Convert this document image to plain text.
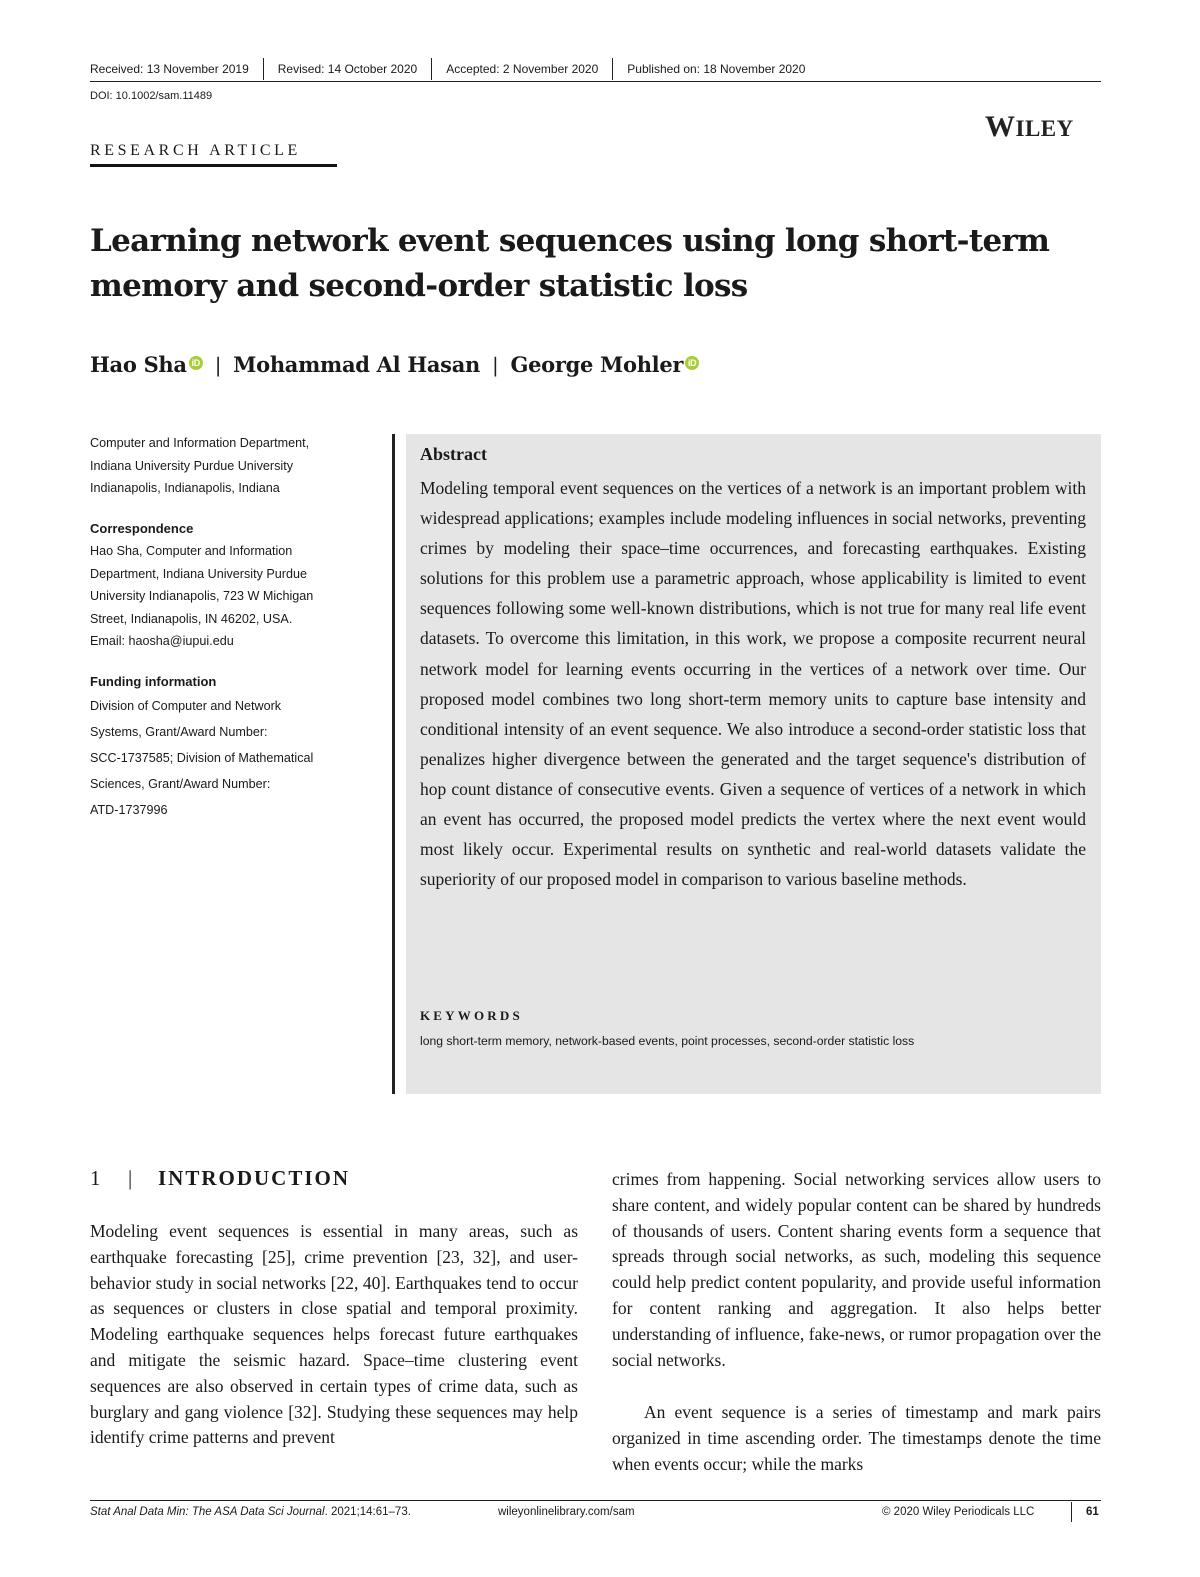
Received: 13 November 2019	Revised: 14 October 2020	Accepted: 2 November 2020	Published on: 18 November 2020
DOI: 10.1002/sam.11489
WILEY
RESEARCH ARTICLE
Learning network event sequences using long short-term memory and second-order statistic loss
Hao Sha iD | Mohammad Al Hasan | George Mohler iD

Computer and Information Department,

Indiana University Purdue University

Indianapolis, Indianapolis, Indiana

Correspondence

Hao Sha, Computer and Information

Department, Indiana University Purdue

University Indianapolis, 723 W Michigan

Street, Indianapolis, IN 46202, USA.

Email: haosha@iupui.edu

Funding information

Division of Computer and Network

Systems, Grant/Award Number:

SCC-1737585; Division of Mathematical

Sciences, Grant/Award Number:

ATD-1737996

Abstract

Modeling temporal event sequences on the vertices of a network is an important problem with widespread applications; examples include modeling influences in social networks, preventing crimes by modeling their space–time occurrences, and forecasting earthquakes. Existing solutions for this problem use a parametric approach, whose applicability is limited to event sequences following some well-known distributions, which is not true for many real life event datasets. To overcome this limitation, in this work, we propose a composite recurrent neural network model for learning events occurring in the vertices of a network over time. Our proposed model combines two long short-term memory units to capture base intensity and conditional intensity of an event sequence. We also introduce a second-order statistic loss that penalizes higher divergence between the generated and the target sequence's distribution of hop count distance of consecutive events. Given a sequence of vertices of a network in which an event has occurred, the proposed model predicts the vertex where the next event would most likely occur. Experimental results on synthetic and real-world datasets validate the superiority of our proposed model in comparison to various baseline methods.

KEYWORDS
long short-term memory, network-based events, point processes, second-order statistic loss
1	|	INTRODUCTION

Modeling event sequences is essential in many areas, such as earthquake forecasting [25], crime prevention [23, 32], and user-behavior study in social networks [22, 40]. Earthquakes tend to occur as sequences or clusters in close spatial and temporal proximity. Modeling earthquake sequences helps forecast future earthquakes and mitigate the seismic hazard. Space–time clustering event sequences are also observed in certain types of crime data, such as burglary and gang violence [32]. Studying these sequences may help identify crime patterns and prevent

crimes from happening. Social networking services allow users to share content, and widely popular content can be shared by hundreds of thousands of users. Content sharing events form a sequence that spreads through social networks, as such, modeling this sequence could help predict content popularity, and provide useful information for content ranking and aggregation. It also helps better understanding of influence, fake-news, or rumor propagation over the social networks.

An event sequence is a series of timestamp and mark pairs organized in time ascending order. The timestamps denote the time when events occur; while the marks

Stat Anal Data Min: The ASA Data Sci Journal. 2021;14:61–73.	wileyonlinelibrary.com/sam	© 2020 Wiley Periodicals LLC	61
